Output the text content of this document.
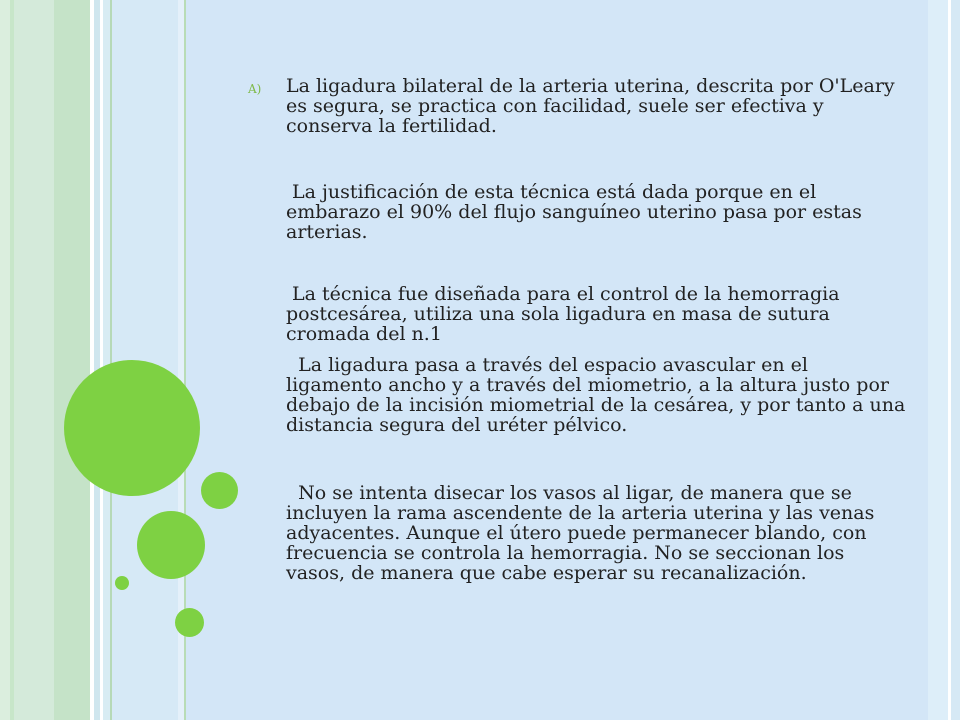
A) La ligadura bilateral de la arteria uterina, descrita por O'Leary es segura, se practica con facilidad, suele ser efectiva y conserva la fertilidad.
La justificación de esta técnica está dada porque en el embarazo el 90% del flujo sanguíneo uterino pasa por estas arterias.
La técnica fue diseñada para el control de la hemorragia postcesárea, utiliza una sola ligadura en masa de sutura cromada del n.1
La ligadura pasa a través del espacio avascular en el ligamento ancho y a través del miometrio, a la altura justo por debajo de la incisión miometrial de la cesárea, y por tanto a una distancia segura del uréter pélvico.
No se intenta disecar los vasos al ligar, de manera que se incluyen la rama ascendente de la arteria uterina y las venas adyacentes. Aunque el útero puede permanecer blando, con frecuencia se controla la hemorragia. No se seccionan los vasos, de manera que cabe esperar su recanalización.
